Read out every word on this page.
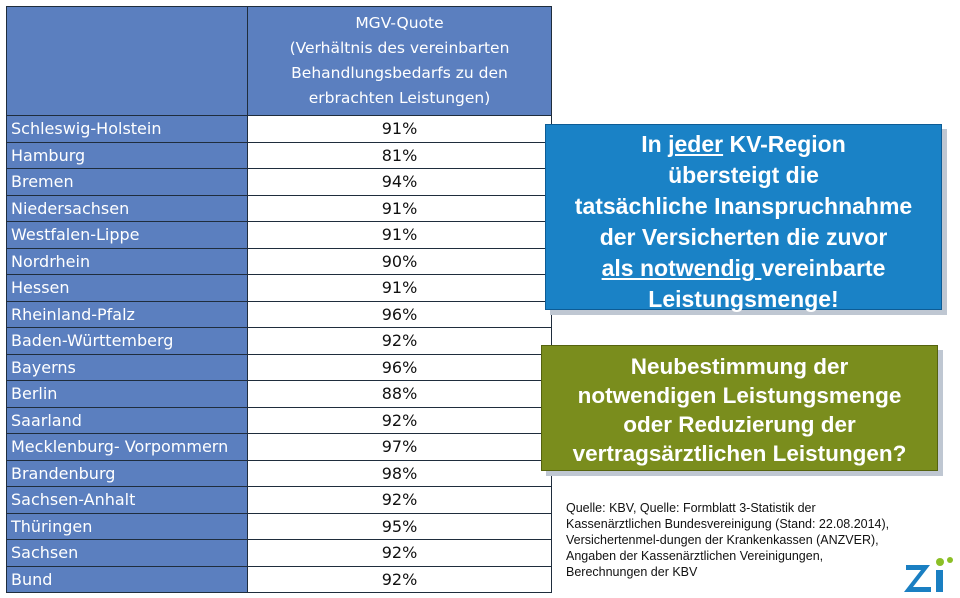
	MGV-Quote
(Verhältnis des vereinbarten
Behandlungsbedarfs zu den
erbrachten Leistungen)

Schleswig-Holstein	91%
Hamburg	81%
Bremen	94%
Niedersachsen	91%
Westfalen-Lippe	91%
Nordrhein	90%
Hessen	91%
Rheinland-Pfalz	96%
Baden-Württemberg	92%
Bayerns	96%
Berlin	88%
Saarland	92%
Mecklenburg- Vorpommern	97%
Brandenburg	98%
Sachsen-Anhalt	92%
Thüringen	95%
Sachsen	92%
Bund	92%
In jeder KV-Region
übersteigt die
tatsächliche Inanspruchnahme
der Versicherten die zuvor
als notwendig vereinbarte
Leistungsmenge!
Neubestimmung der
notwendigen Leistungsmenge
oder Reduzierung der
vertragsärztlichen Leistungen?
Quelle: KBV, Quelle: Formblatt 3-Statistik der
Kassenärztlichen Bundesvereinigung (Stand: 22.08.2014),
Versichertenmel-dungen der Krankenkassen (ANZVER),
Angaben der Kassenärztlichen Vereinigungen,
Berechnungen der KBV
